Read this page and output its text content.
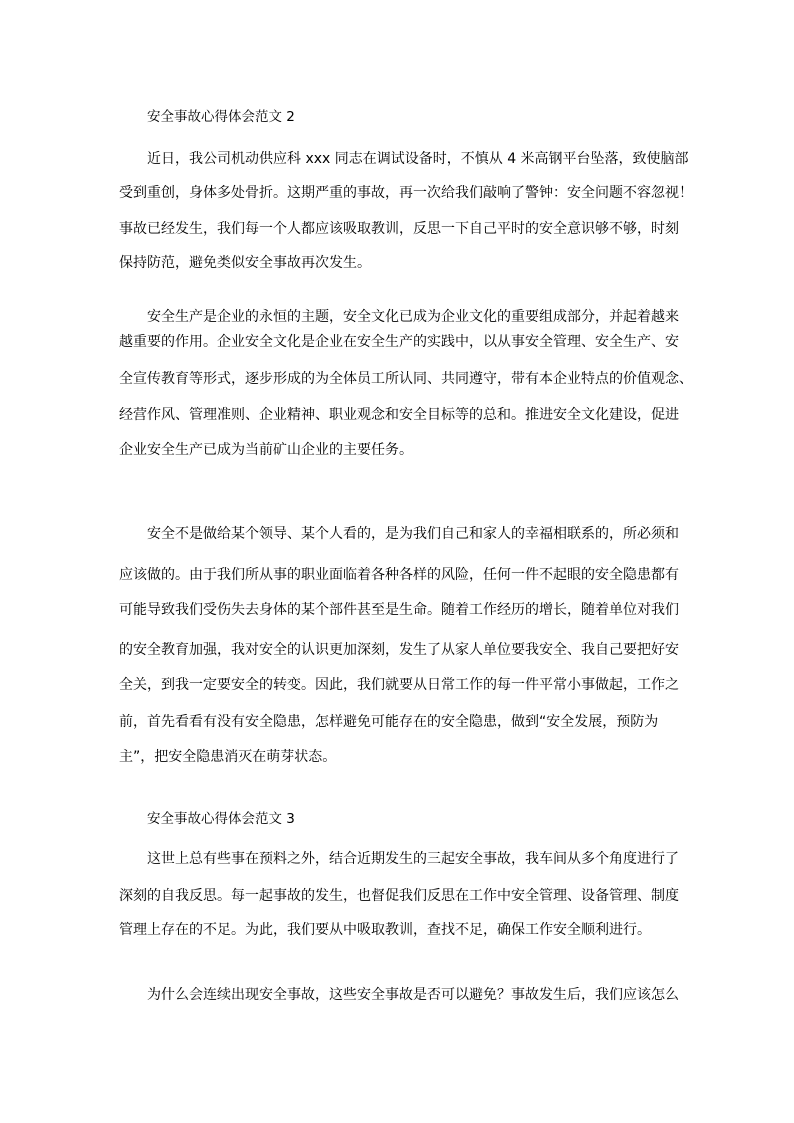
安全事故心得体会范文 2

近日，我公司机动供应科 xxx 同志在调试设备时，不慎从 4 米高钢平台坠落，致使脑部

受到重创，身体多处骨折。这期严重的事故，再一次给我们敲响了警钟：安全问题不容忽视！

事故已经发生，我们每一个人都应该吸取教训，反思一下自己平时的安全意识够不够，时刻

保持防范，避免类似安全事故再次发生。

安全生产是企业的永恒的主题，安全文化已成为企业文化的重要组成部分，并起着越来

越重要的作用。企业安全文化是企业在安全生产的实践中，以从事安全管理、安全生产、安

全宣传教育等形式，逐步形成的为全体员工所认同、共同遵守，带有本企业特点的价值观念、

经营作风、管理准则、企业精神、职业观念和安全目标等的总和。推进安全文化建设，促进

企业安全生产已成为当前矿山企业的主要任务。

安全不是做给某个领导、某个人看的，是为我们自己和家人的幸福相联系的，所必须和

应该做的。由于我们所从事的职业面临着各种各样的风险，任何一件不起眼的安全隐患都有

可能导致我们受伤失去身体的某个部件甚至是生命。随着工作经历的增长，随着单位对我们

的安全教育加强，我对安全的认识更加深刻，发生了从家人单位要我安全、我自己要把好安

全关，到我一定要安全的转变。因此，我们就要从日常工作的每一件平常小事做起，工作之

前，首先看看有没有安全隐患，怎样避免可能存在的安全隐患，做到“安全发展，预防为

主”，把安全隐患消灭在萌芽状态。

安全事故心得体会范文 3

这世上总有些事在预料之外，结合近期发生的三起安全事故，我车间从多个角度进行了

深刻的自我反思。每一起事故的发生，也督促我们反思在工作中安全管理、设备管理、制度

管理上存在的不足。为此，我们要从中吸取教训，查找不足，确保工作安全顺利进行。

为什么会连续出现安全事故，这些安全事故是否可以避免？事故发生后，我们应该怎么
